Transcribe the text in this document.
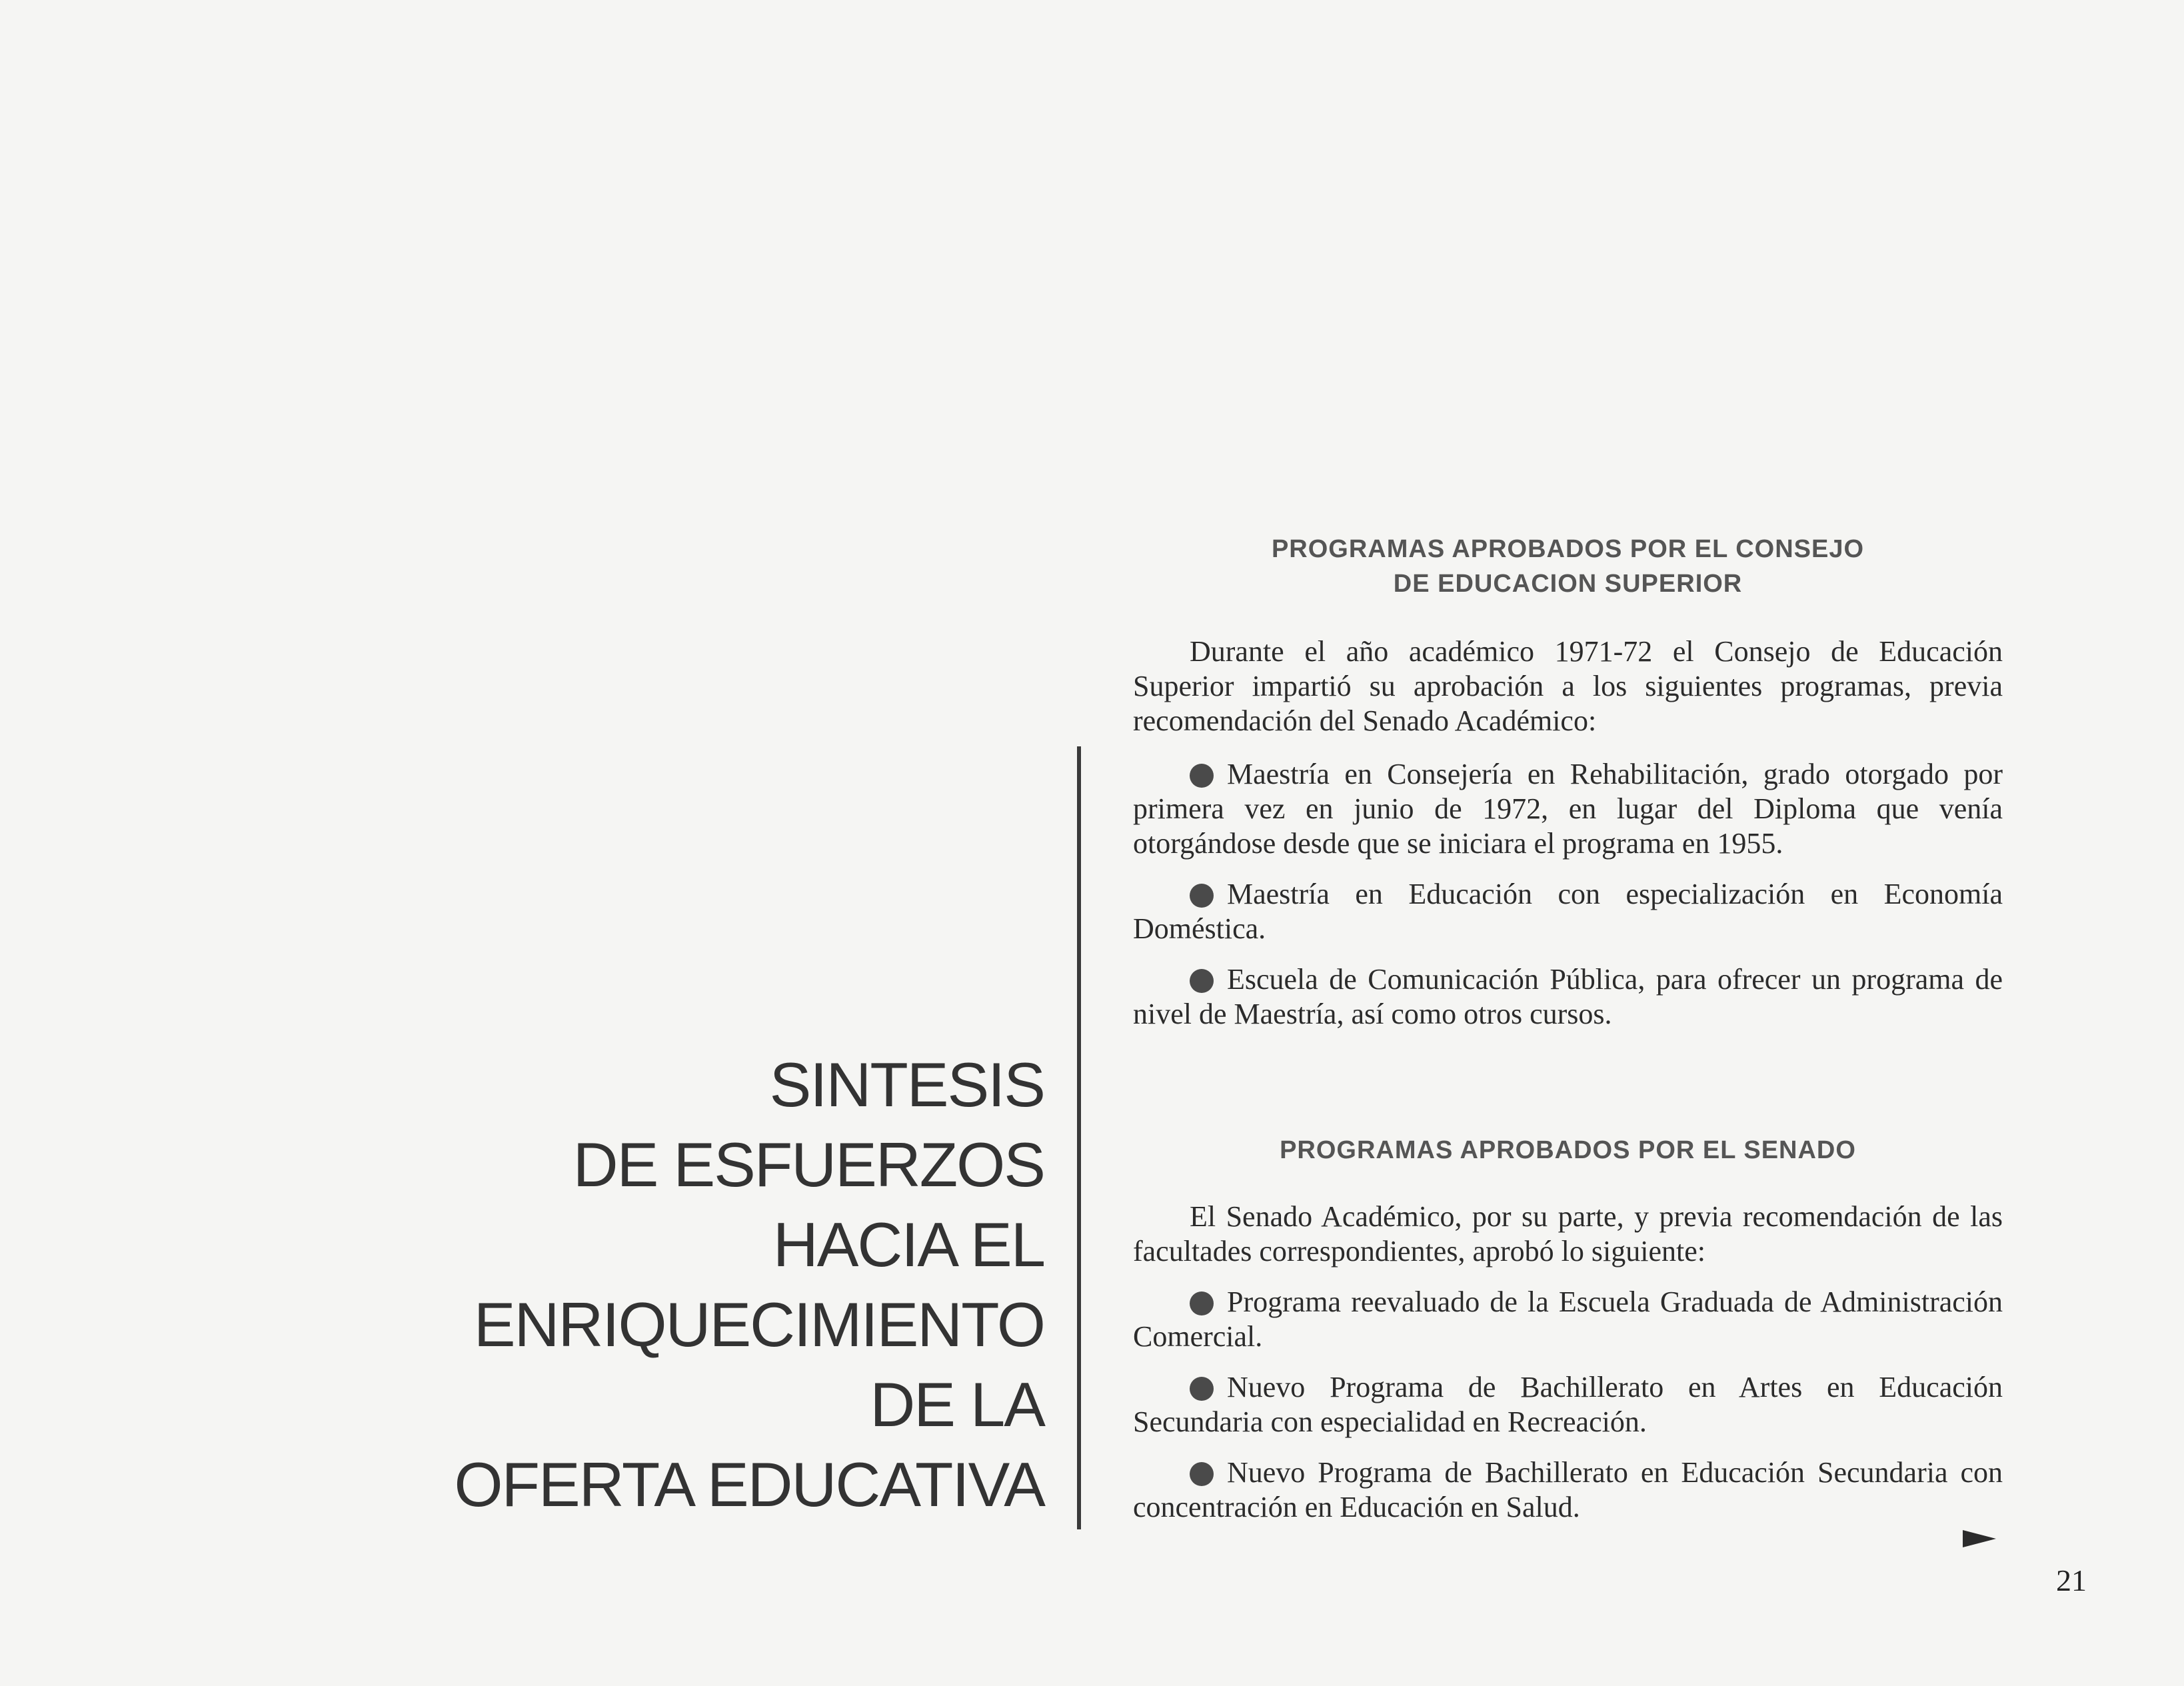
SINTESIS
DE ESFUERZOS
HACIA EL
ENRIQUECIMIENTO
DE LA
OFERTA EDUCATIVA
PROGRAMAS APROBADOS POR EL CONSEJO
DE EDUCACION SUPERIOR

Durante el año académico 1971-72 el Consejo de Educación Superior impartió su aprobación a los siguientes programas, previa recomendación del Senado Académico:

Maestría en Consejería en Rehabilitación, grado otorgado por primera vez en junio de 1972, en lugar del Diploma que venía otorgándose desde que se iniciara el programa en 1955.

Maestría en Educación con especialización en Economía Doméstica.

Escuela de Comunicación Pública, para ofrecer un programa de nivel de Maestría, así como otros cursos.

PROGRAMAS APROBADOS POR EL SENADO

El Senado Académico, por su parte, y previa recomendación de las facultades correspondientes, aprobó lo siguiente:

Programa reevaluado de la Escuela Graduada de Administración Comercial.

Nuevo Programa de Bachillerato en Artes en Educación Secundaria con especialidad en Recreación.

Nuevo Programa de Bachillerato en Educación Secundaria con concentración en Educación en Salud.

21
